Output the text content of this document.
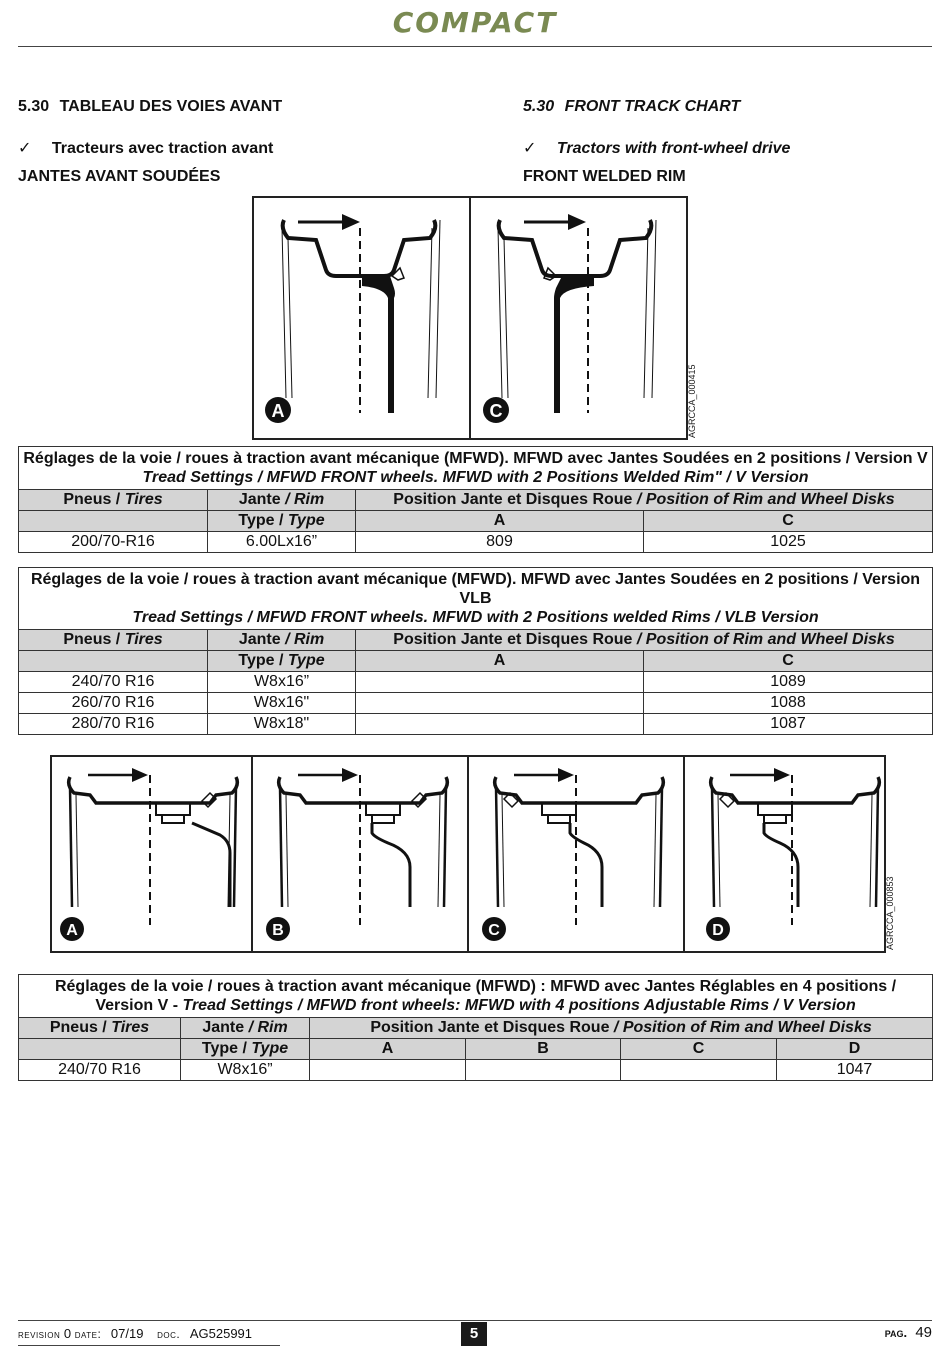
COMPACT
5.30 TABLEAU DES VOIES AVANT	5.30 FRONT TRACK CHART
✓ Tracteurs avec traction avant	✓ Tractors with front-wheel drive
JANTES AVANT SOUDÉES	FRONT WELDED RIM
A	C	AGRCCA_000415
Réglages de la voie / roues à traction avant mécanique (MFWD). MFWD avec Jantes Soudées en 2 positions / Version V
Tread Settings / MFWD FRONT wheels. MFWD with 2 Positions Welded Rim" / V Version			

Pneus / Tires	Jante / Rim	Position Jante et Disques Roue / Position of Rim and Wheel Disks	
	Type / Type	A	C
200/70-R16	6.00Lx16”	809	1025
Réglages de la voie / roues à traction avant mécanique (MFWD). MFWD avec Jantes Soudées en 2 positions / Version VLB
Tread Settings / MFWD FRONT wheels. MFWD with 2 Positions welded Rims / VLB Version			

Pneus / Tires	Jante / Rim	Position Jante et Disques Roue / Position of Rim and Wheel Disks	
	Type / Type	A	C
240/70 R16	W8x16”		1089
260/70 R16	W8x16"		1088
280/70 R16	W8x18"		1087
A	B	C	D	AGRCCA_000853
Réglages de la voie / roues à traction avant mécanique (MFWD) : MFWD avec Jantes Réglables en 4 positions /
Version V - Tread Settings / MFWD front wheels: MFWD with 4 positions Adjustable Rims / V Version					

Pneus / Tires	Jante / Rim	Position Jante et Disques Roue / Position of Rim and Wheel Disks			
	Type / Type	A	B	C	D
240/70 R16	W8x16”				1047
revision 0 date: 07/19 doc. AG525991	5	pag. 49
